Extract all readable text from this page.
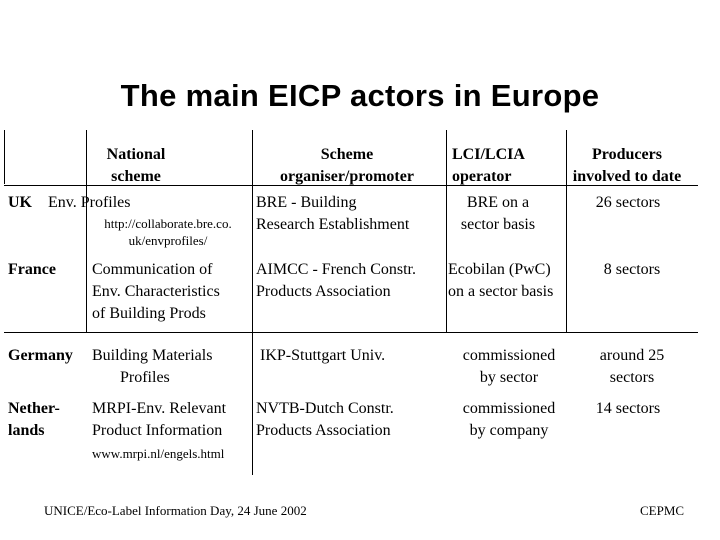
The main EICP actors in Europe
National
scheme
Scheme
organiser/promoter
LCI/LCIA
operator
Producers
involved to date
UK Env. Profiles
http://collaborate.bre.co.
uk/envprofiles/
BRE - Building
Research Establishment
BRE on a
sector basis
26 sectors
France Communication of
Env. Characteristics
of Building Prods
AIMCC - French Constr.
Products Association
Ecobilan (PwC)
on a sector basis
8 sectors
Germany Building Materials
Profiles
IKP-Stuttgart Univ.	commissioned
by sector
around 25
sectors
Nether-
lands
MRPI-Env. Relevant
Product Information
www.mrpi.nl/engels.html
NVTB-Dutch Constr.
Products Association
commissioned
by company
14 sectors
UNICE/Eco-Label Information Day, 24 June 2002	CEPMC
